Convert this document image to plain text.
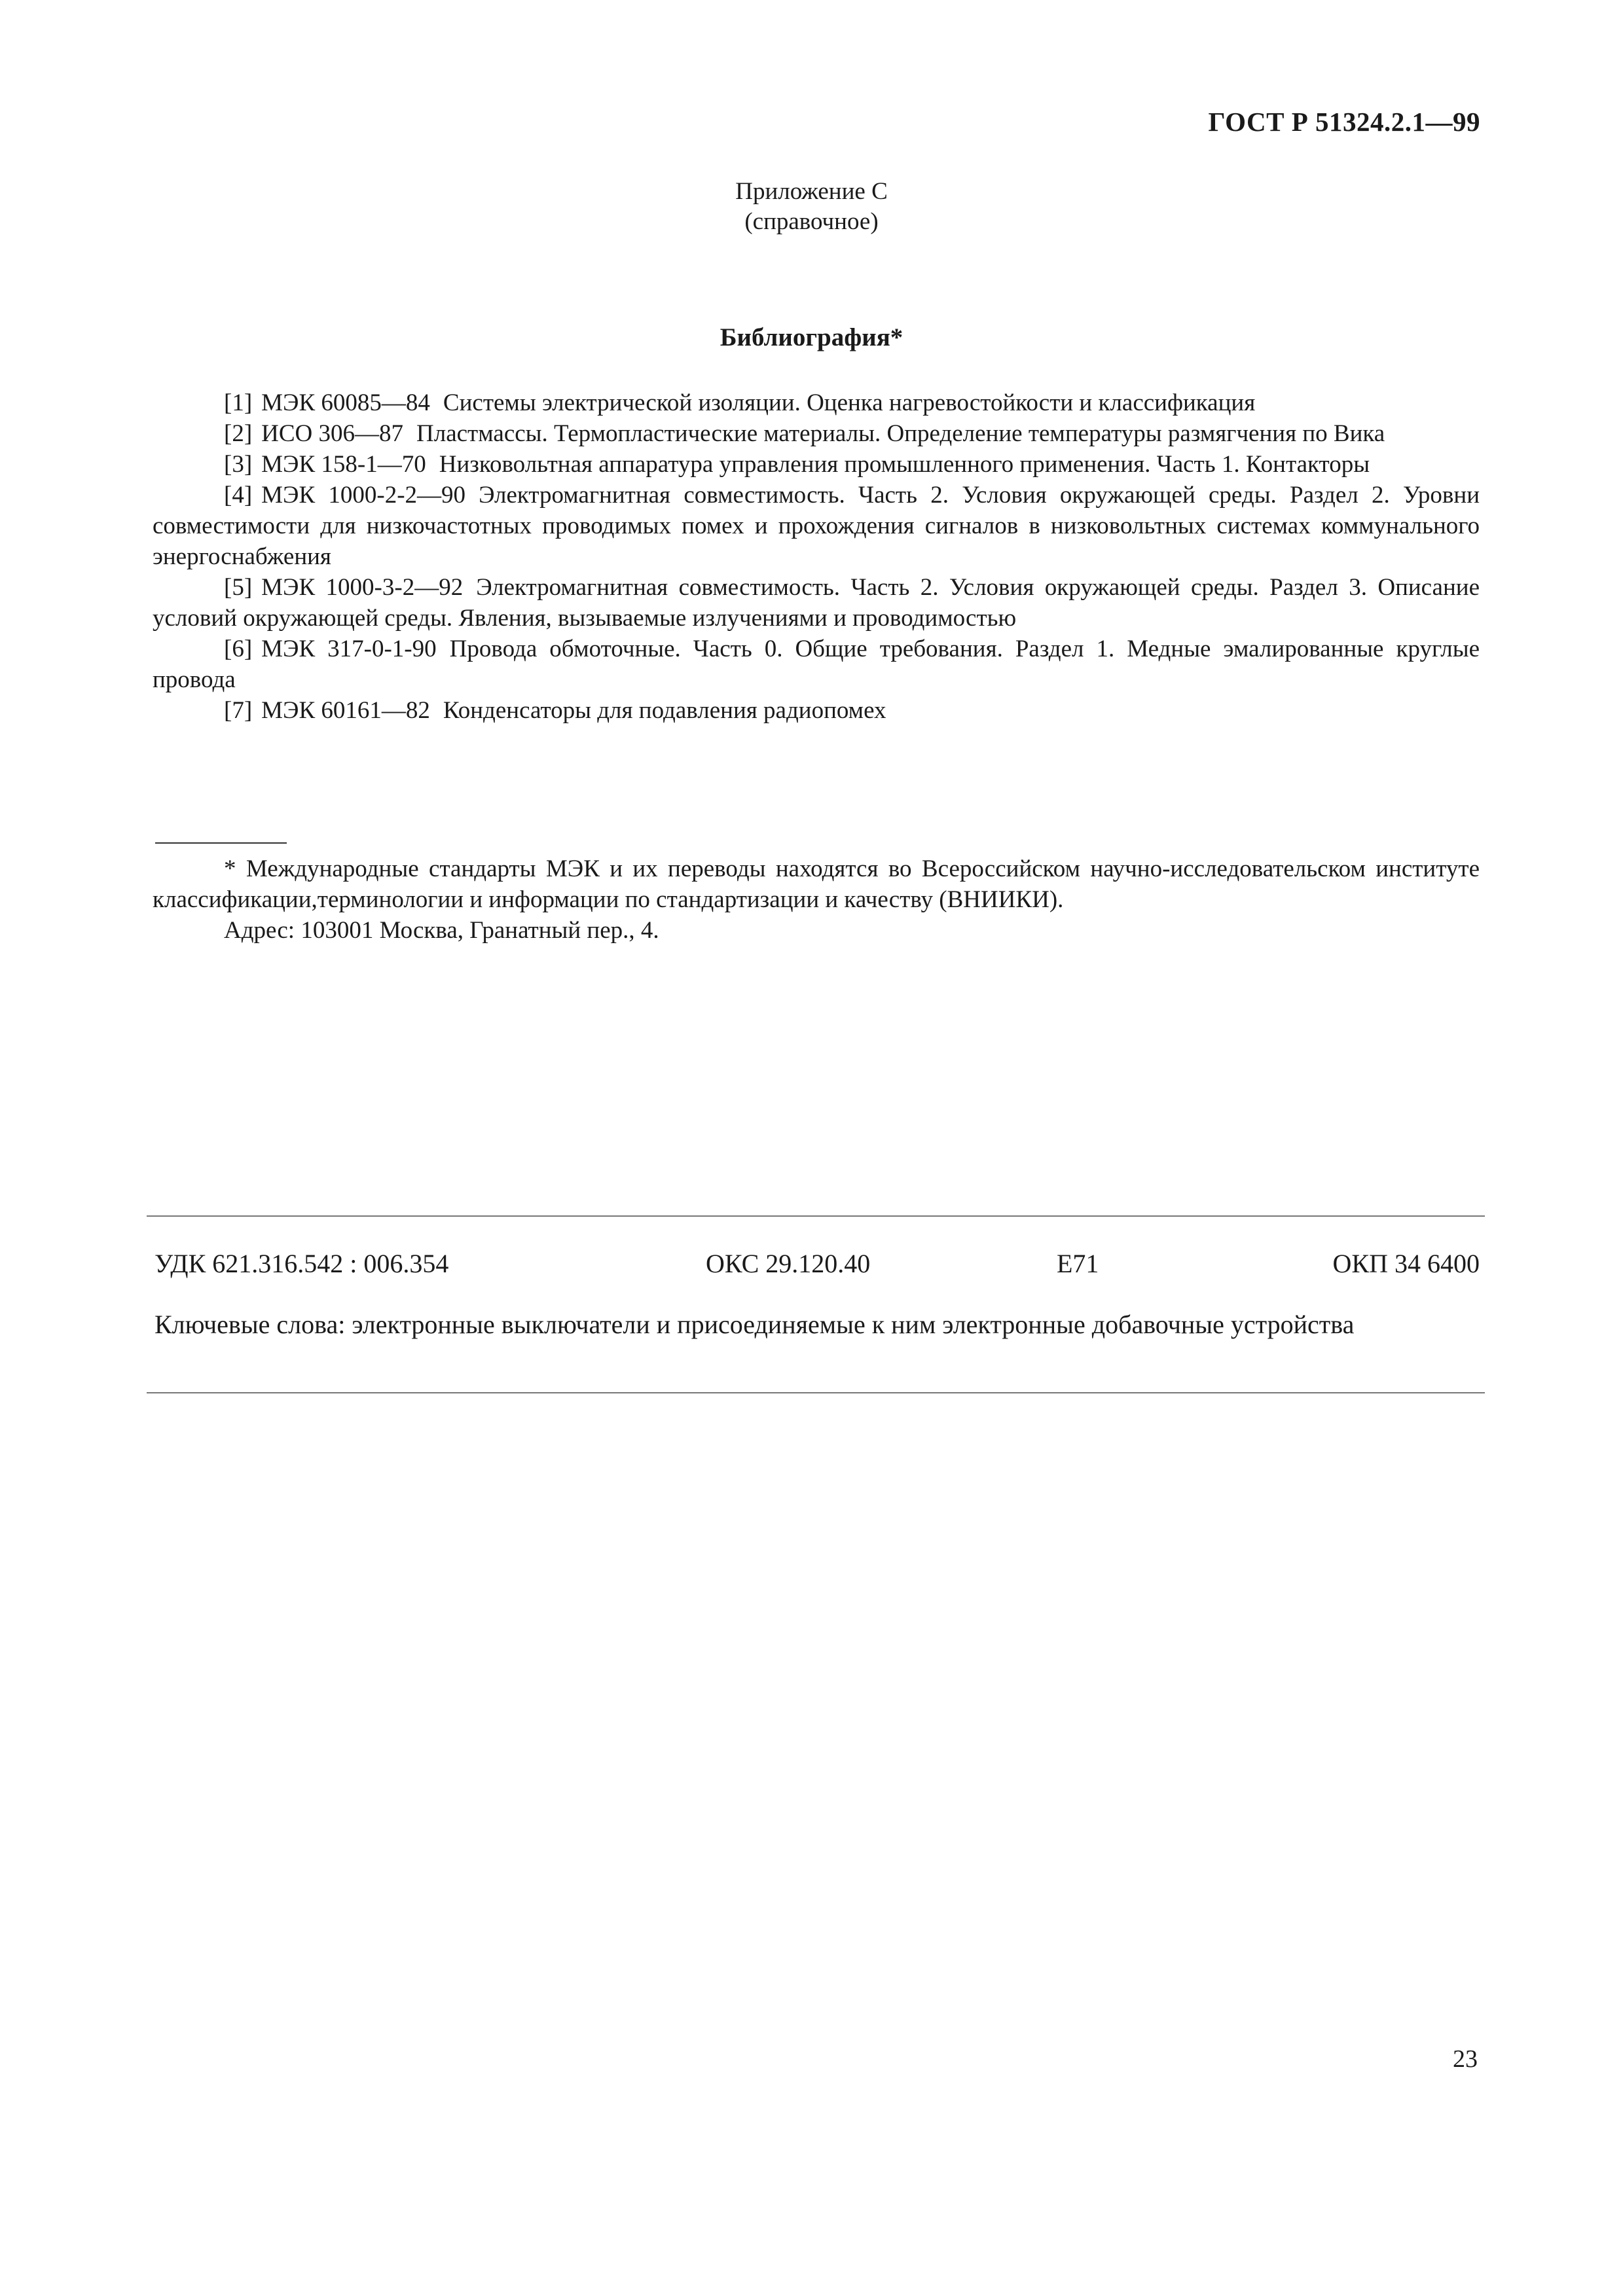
ГОСТ Р 51324.2.1—99
Приложение С
(справочное)
Библиография*

[1] МЭК 60085—84 Системы электрической изоляции. Оценка нагревостойкости и классификация

[2] ИСО 306—87 Пластмассы. Термопластические материалы. Определение температуры размягчения по Вика

[3] МЭК 158-1—70 Низковольтная аппаратура управления промышленного применения. Часть 1. Контакторы

[4] МЭК 1000-2-2—90 Электромагнитная совместимость. Часть 2. Условия окружающей среды. Раздел 2. Уровни совместимости для низкочастотных проводимых помех и прохождения сигналов в низковольтных системах коммунального энергоснабжения

[5] МЭК 1000-3-2—92 Электромагнитная совместимость. Часть 2. Условия окружающей среды. Раздел 3. Описание условий окружающей среды. Явления, вызываемые излучениями и проводимостью

[6] МЭК 317-0-1-90 Провода обмоточные. Часть 0. Общие требования. Раздел 1. Медные эмалированные круглые провода

[7] МЭК 60161—82 Конденсаторы для подавления радиопомех

* Международные стандарты МЭК и их переводы находятся во Всероссийском научно-исследовательском институте классификации,терминологии и информации по стандартизации и качеству (ВНИИКИ).

Адрес: 103001 Москва, Гранатный пер., 4.

УДК 621.316.542 : 006.354	ОКС 29.120.40	Е71	ОКП 34 6400
Ключевые слова: электронные выключатели и присоединяемые к ним электронные добавочные устройства
23
